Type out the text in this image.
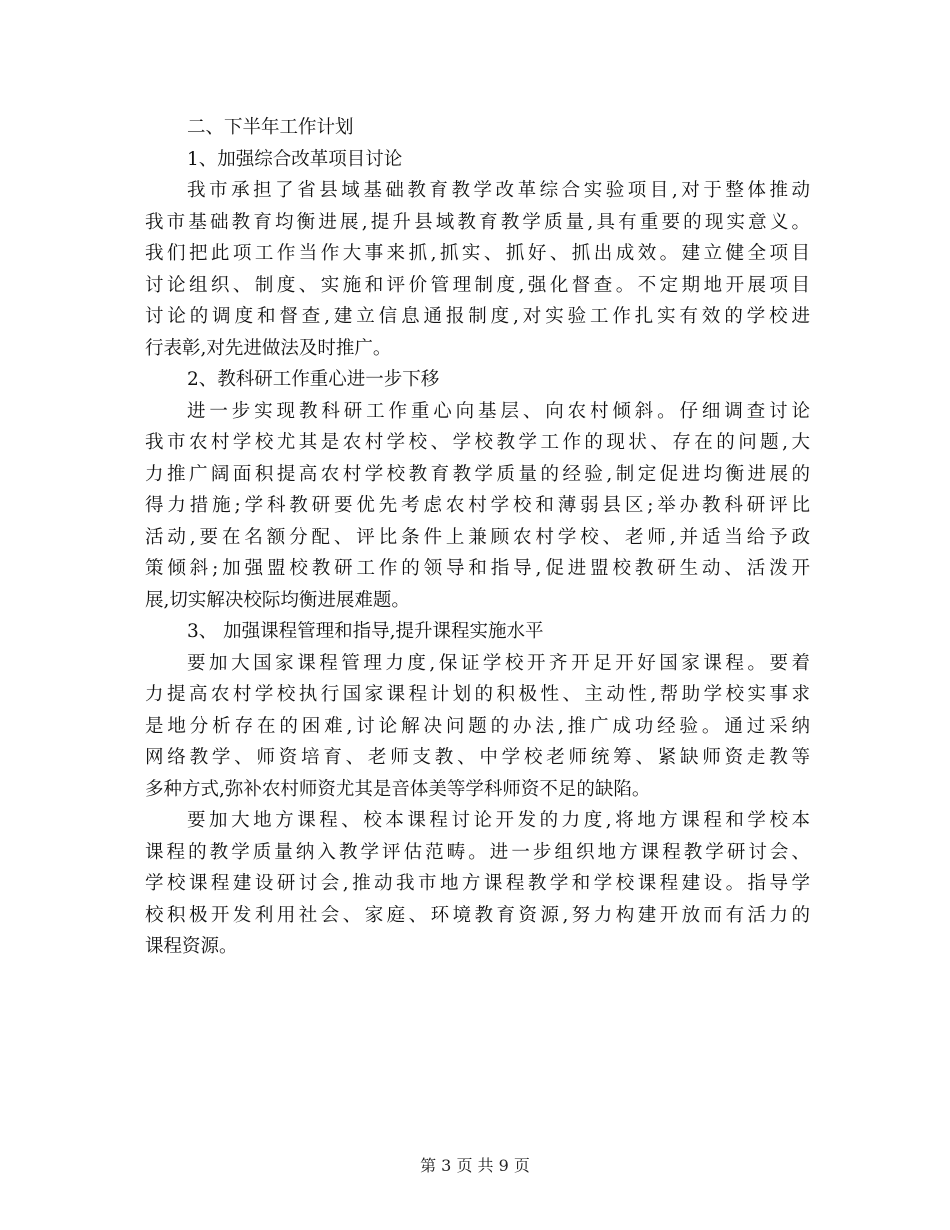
二、下半年工作计划
1、加强综合改革项目讨论
我市承担了省县域基础教育教学改革综合实验项目,对于整体推动
我市基础教育均衡进展,提升县域教育教学质量,具有重要的现实意义。
我们把此项工作当作大事来抓,抓实、抓好、抓出成效。建立健全项目
讨论组织、制度、实施和评价管理制度,强化督查。不定期地开展项目
讨论的调度和督查,建立信息通报制度,对实验工作扎实有效的学校进
行表彰,对先进做法及时推广。
2、教科研工作重心进一步下移
进一步实现教科研工作重心向基层、向农村倾斜。仔细调查讨论
我市农村学校尤其是农村学校、学校教学工作的现状、存在的问题,大
力推广阔面积提高农村学校教育教学质量的经验,制定促进均衡进展的
得力措施;学科教研要优先考虑农村学校和薄弱县区;举办教科研评比
活动,要在名额分配、评比条件上兼顾农村学校、老师,并适当给予政
策倾斜;加强盟校教研工作的领导和指导,促进盟校教研生动、活泼开
展,切实解决校际均衡进展难题。
3、 加强课程管理和指导,提升课程实施水平
要加大国家课程管理力度,保证学校开齐开足开好国家课程。要着
力提高农村学校执行国家课程计划的积极性、主动性,帮助学校实事求
是地分析存在的困难,讨论解决问题的办法,推广成功经验。通过采纳
网络教学、师资培育、老师支教、中学校老师统筹、紧缺师资走教等
多种方式,弥补农村师资尤其是音体美等学科师资不足的缺陷。
要加大地方课程、校本课程讨论开发的力度,将地方课程和学校本
课程的教学质量纳入教学评估范畴。进一步组织地方课程教学研讨会、
学校课程建设研讨会,推动我市地方课程教学和学校课程建设。指导学
校积极开发利用社会、家庭、环境教育资源,努力构建开放而有活力的
课程资源。
第 3 页 共 9 页
